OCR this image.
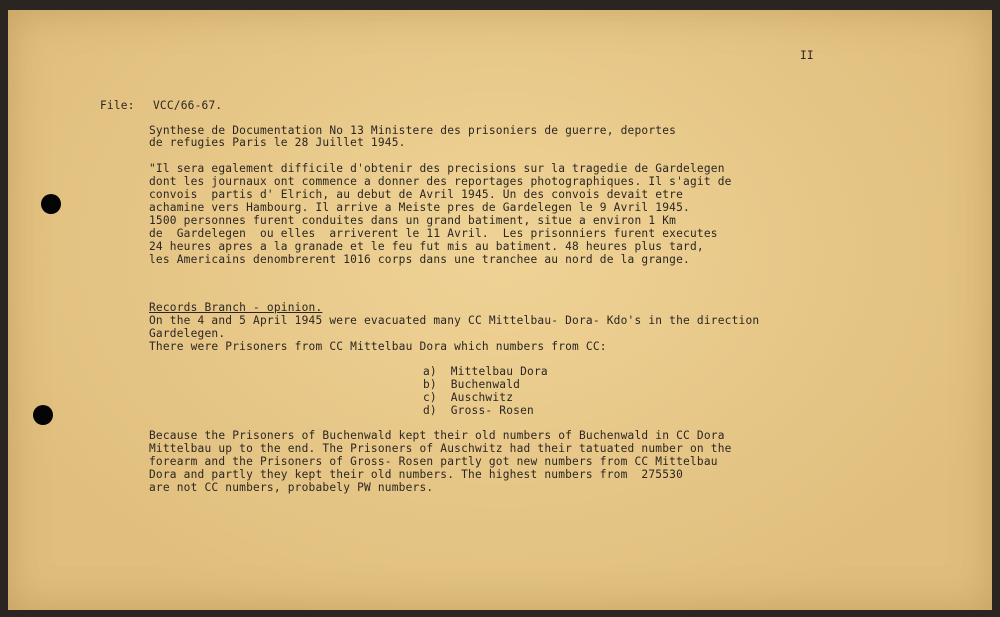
II
File: VCC/66-67.
Synthese de Documentation No 13 Ministere des prisoniers de guerre, deportes
de refugies Paris le 28 Juillet 1945.
"Il sera egalement difficile d'obtenir des precisions sur la tragedie de Gardelegen
dont les journaux ont commence a donner des reportages photographiques. Il s'agit de
convois  partis d' Elrich, au debut de Avril 1945. Un des convois devait etre
achamine vers Hambourg. Il arrive a Meiste pres de Gardelegen le 9 Avril 1945.
1500 personnes furent conduites dans un grand batiment, situe a environ 1 Km
de  Gardelegen  ou elles  arriverent le 11 Avril.  Les prisonniers furent executes
24 heures apres a la granade et le feu fut mis au batiment. 48 heures plus tard,
les Americains denombrerent 1016 corps dans une tranchee au nord de la grange.
Records Branch - opinion.
On the 4 and 5 April 1945 were evacuated many CC Mittelbau- Dora- Kdo's in the direction
Gardelegen.
There were Prisoners from CC Mittelbau Dora which numbers from CC:
a)  Mittelbau Dora
b)  Buchenwald
c)  Auschwitz
d)  Gross- Rosen
Because the Prisoners of Buchenwald kept their old numbers of Buchenwald in CC Dora
Mittelbau up to the end. The Prisoners of Auschwitz had their tatuated number on the
forearm and the Prisoners of Gross- Rosen partly got new numbers from CC Mittelbau
Dora and partly they kept their old numbers. The highest numbers from  275530
are not CC numbers, probabely PW numbers.
